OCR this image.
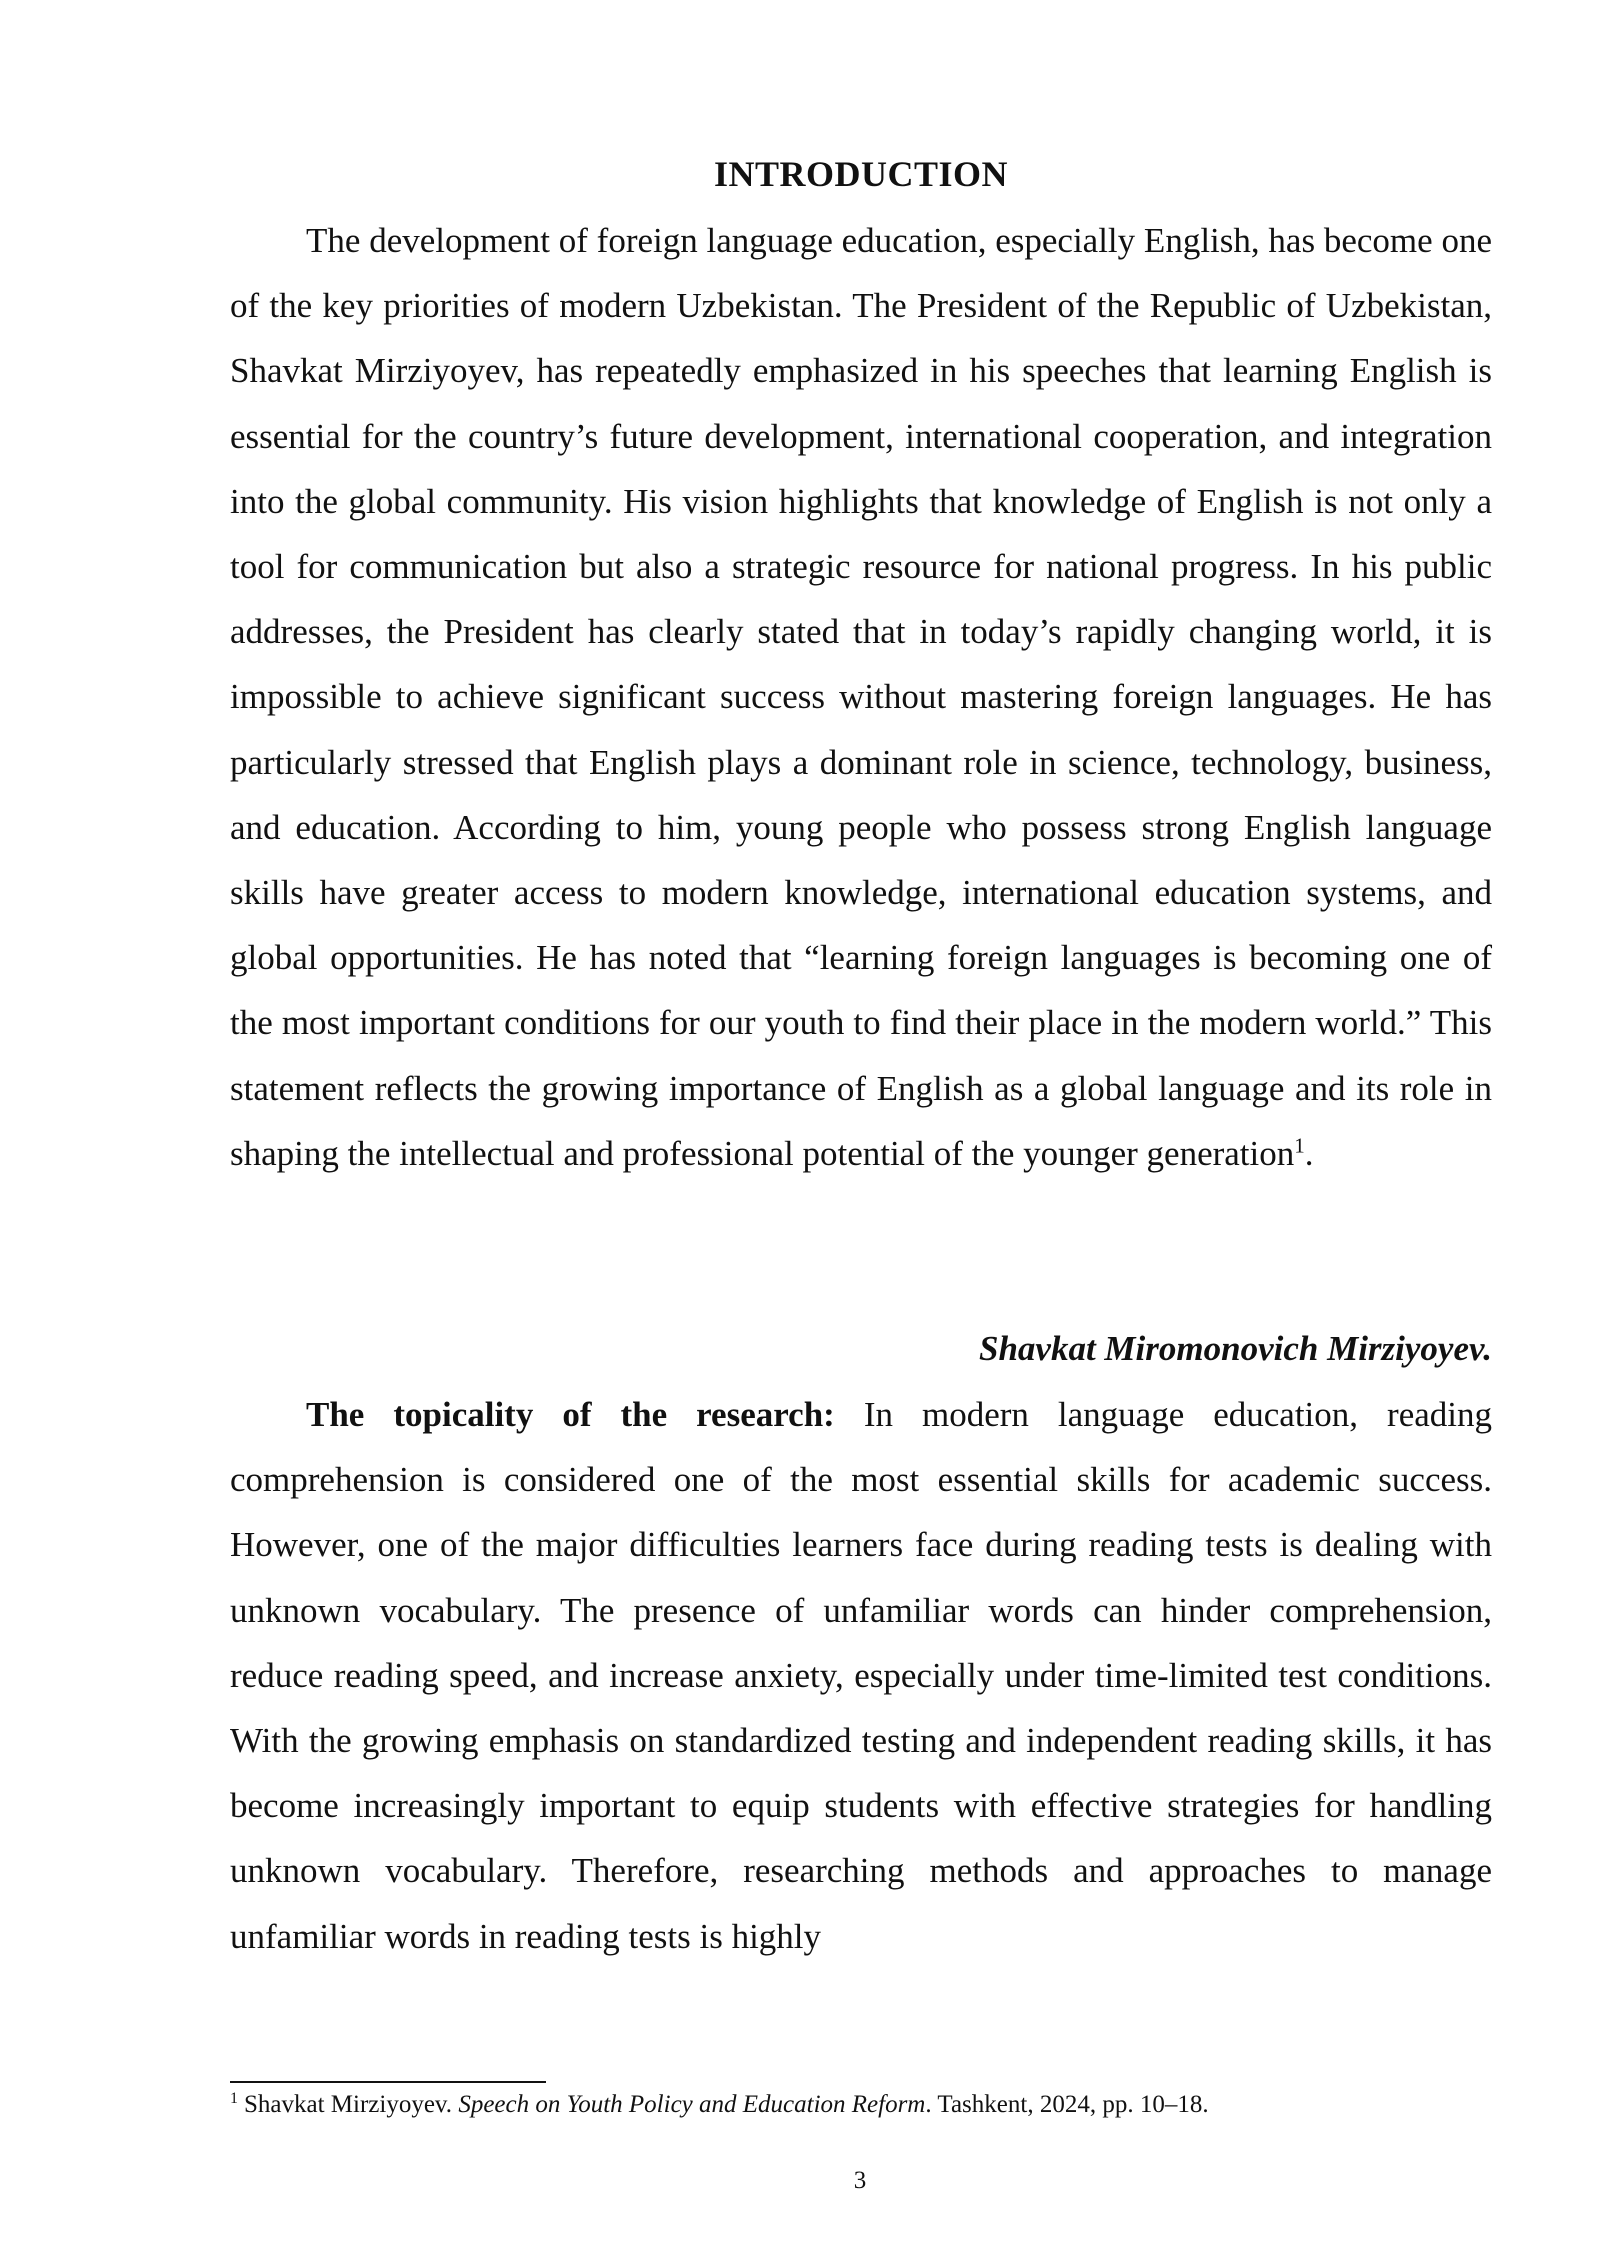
INTRODUCTION

The development of foreign language education, especially English, has become one of the key priorities of modern Uzbekistan. The President of the Republic of Uzbekistan, Shavkat Mirziyoyev, has repeatedly emphasized in his speeches that learning English is essential for the country’s future development, international cooperation, and integration into the global community. His vision highlights that knowledge of English is not only a tool for communication but also a strategic resource for national progress. In his public addresses, the President has clearly stated that in today’s rapidly changing world, it is impossible to achieve significant success without mastering foreign languages. He has particularly stressed that English plays a dominant role in science, technology, business, and education. According to him, young people who possess strong English language skills have greater access to modern knowledge, international education systems, and global opportunities. He has noted that “learning foreign languages is becoming one of the most important conditions for our youth to find their place in the modern world.” This statement reflects the growing importance of English as a global language and its role in shaping the intellectual and professional potential of the younger generation$^1$.

Shavkat Miromonovich Mirziyoyev.

The topicality of the research: In modern language education, reading comprehension is considered one of the most essential skills for academic success. However, one of the major difficulties learners face during reading tests is dealing with unknown vocabulary. The presence of unfamiliar words can hinder comprehension, reduce reading speed, and increase anxiety, especially under time-limited test conditions. With the growing emphasis on standardized testing and independent reading skills, it has become increasingly important to equip students with effective strategies for handling unknown vocabulary. Therefore, researching methods and approaches to manage unfamiliar words in reading tests is highly

$^1$ Shavkat Mirziyoyev. Speech on Youth Policy and Education Reform. Tashkent, 2024, pp. 10–18.
3
